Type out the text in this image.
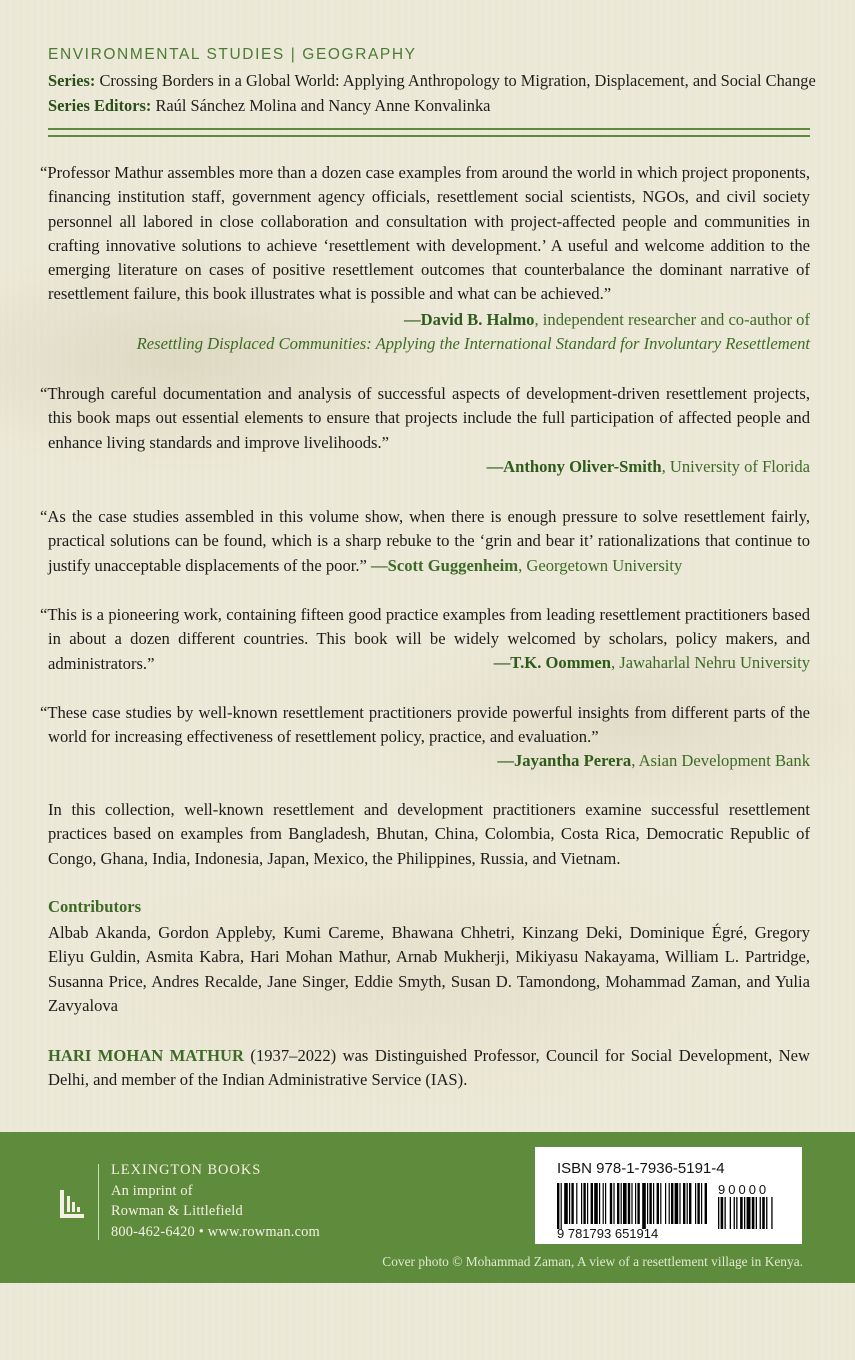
ENVIRONMENTAL STUDIES | GEOGRAPHY
Series: Crossing Borders in a Global World: Applying Anthropology to Migration, Displacement, and Social Change
Series Editors: Raúl Sánchez Molina and Nancy Anne Konvalinka
“Professor Mathur assembles more than a dozen case examples from around the world in which project proponents, financing institution staff, government agency officials, resettlement social scientists, NGOs, and civil society personnel all labored in close collaboration and consultation with project-affected people and communities in crafting innovative solutions to achieve ‘resettlement with development.’ A useful and welcome addition to the emerging literature on cases of positive resettlement outcomes that counterbalance the dominant narrative of resettlement failure, this book illustrates what is possible and what can be achieved.”
—David B. Halmo, independent researcher and co-author of
Resettling Displaced Communities: Applying the International Standard for Involuntary Resettlement
“Through careful documentation and analysis of successful aspects of development-driven resettlement projects, this book maps out essential elements to ensure that projects include the full participation of affected people and enhance living standards and improve livelihoods.”
—Anthony Oliver-Smith, University of Florida
“As the case studies assembled in this volume show, when there is enough pressure to solve resettlement fairly, practical solutions can be found, which is a sharp rebuke to the ‘grin and bear it’ rationalizations that continue to justify unacceptable displacements of the poor.” —Scott Guggenheim, Georgetown University
“This is a pioneering work, containing fifteen good practice examples from leading resettlement practitioners based in about a dozen different countries. This book will be widely welcomed by scholars, policy makers, and administrators.”	—T.K. Oommen, Jawaharlal Nehru University
“These case studies by well-known resettlement practitioners provide powerful insights from different parts of the world for increasing effectiveness of resettlement policy, practice, and evaluation.”
—Jayantha Perera, Asian Development Bank
In this collection, well-known resettlement and development practitioners examine successful resettlement practices based on examples from Bangladesh, Bhutan, China, Colombia, Costa Rica, Democratic Republic of Congo, Ghana, India, Indonesia, Japan, Mexico, the Philippines, Russia, and Vietnam.
Contributors
Albab Akanda, Gordon Appleby, Kumi Careme, Bhawana Chhetri, Kinzang Deki, Dominique Égré, Gregory Eliyu Guldin, Asmita Kabra, Hari Mohan Mathur, Arnab Mukherji, Mikiyasu Nakayama, William L. Partridge, Susanna Price, Andres Recalde, Jane Singer, Eddie Smyth, Susan D. Tamondong, Mohammad Zaman, and Yulia Zavyalova
HARI MOHAN MATHUR (1937–2022) was Distinguished Professor, Council for Social Development, New Delhi, and member of the Indian Administrative Service (IAS).
LEXINGTON BOOKS
An imprint of
Rowman & Littlefield
800-462-6420 • www.rowman.com
ISBN 978-1-7936-5191-4
9 781793 651914
90000
Cover photo © Mohammad Zaman, A view of a resettlement village in Kenya.
